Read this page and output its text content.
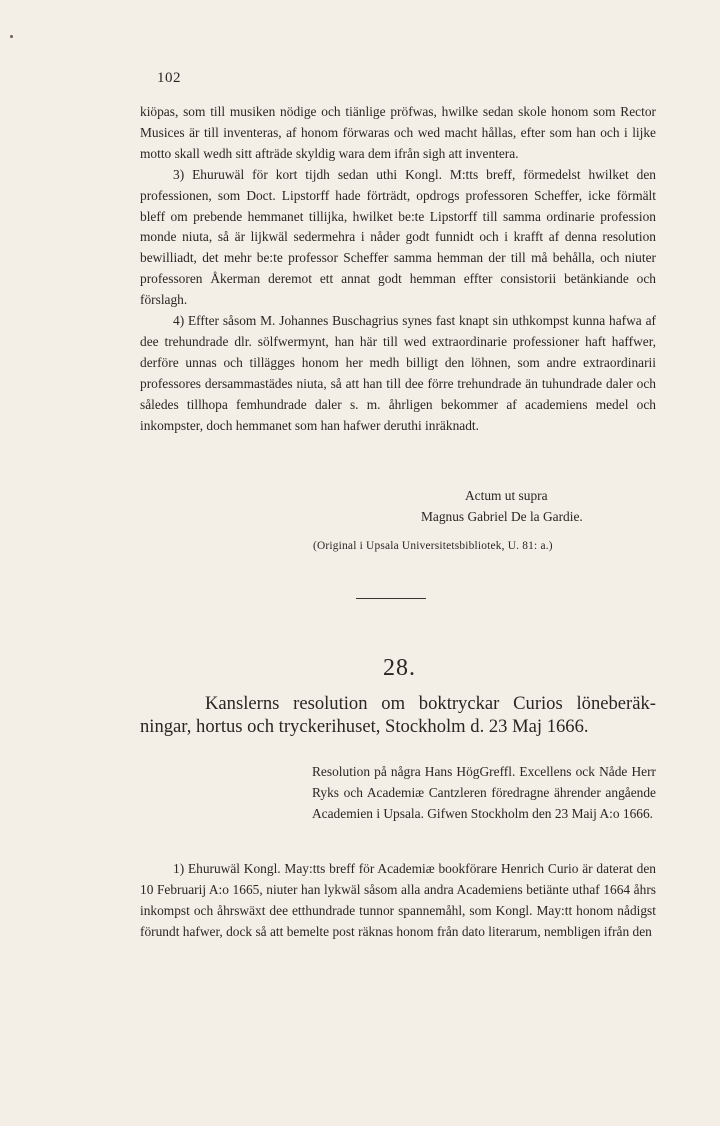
102

kiöpas, som till musiken nödige och tiänlige pröfwas, hwilke sedan skole honom som Rector Musices är till inventeras, af honom förwaras och wed macht hållas, efter som han och i lijke motto skall wedh sitt afträde skyldig wara dem ifrån sigh att inventera.

3) Ehuruwäl för kort tijdh sedan uthi Kongl. M:tts breff, förmedelst hwilket den professionen, som Doct. Lipstorff hade förträdt, opdrogs professoren Scheffer, icke förmält bleff om prebende hemmanet tillijka, hwilket be:te Lipstorff till samma ordinarie profession monde niuta, så är lijkwäl sedermehra i nåder godt funnidt och i krafft af denna resolution bewilliadt, det mehr be:te professor Scheffer samma hemman der till må behålla, och niuter professoren Åkerman deremot ett annat godt hemman effter consistorii betänkiande och förslagh.

4) Effter såsom M. Johannes Buschagrius synes fast knapt sin uthkompst kunna hafwa af dee trehundrade dlr. sölfwermynt, han här till wed extraordinarie professioner haft haffwer, derföre unnas och tillägges honom her medh billigt den löhnen, som andre extraordinarii professores dersammastädes niuta, så att han till dee förre trehundrade än tuhundrade daler och således tillhopa femhundrade daler s. m. åhrligen bekommer af academiens medel och inkompster, doch hemmanet som han hafwer deruthi inräknadt.

Actum ut supra
Magnus Gabriel De la Gardie.
(Original i Upsala Universitetsbibliotek, U. 81: a.)
28.
Kanslerns resolution om boktryckar Curios löneberäk-
ningar, hortus och tryckerihuset, Stockholm d. 23 Maj 1666.
Resolution på några Hans HögGreffl. Excellens ock Nåde Herr Ryks och Academiæ Cantzleren föredragne ährender angående Academien i Upsala. Gifwen Stockholm den 23 Maij A:o 1666.

1) Ehuruwäl Kongl. May:tts breff för Academiæ bookförare Henrich Curio är daterat den 10 Februarij A:o 1665, niuter han lykwäl såsom alla andra Academiens betiänte uthaf 1664 åhrs inkompst och åhrswäxt dee etthundrade tunnor spannemåhl, som Kongl. May:tt honom nådigst förundt hafwer, dock så att bemelte post räknas honom från dato literarum, nembligen ifrån den
